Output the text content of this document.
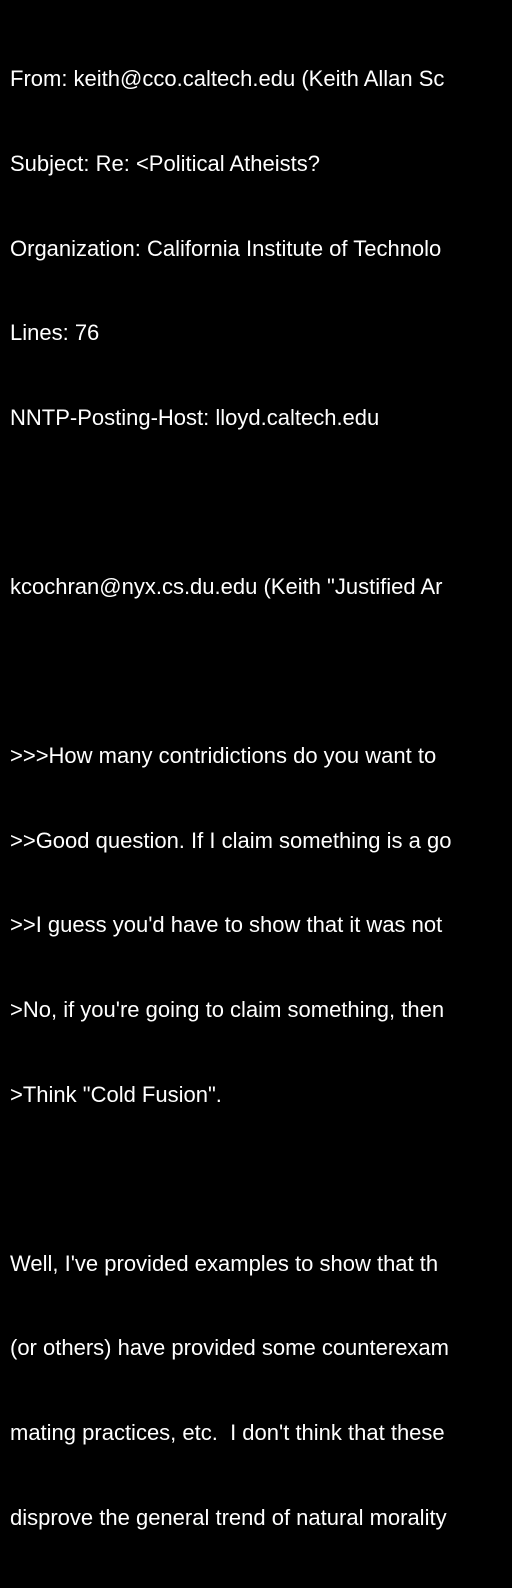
From: keith@cco.caltech.edu (Keith Allan Sc

Subject: Re: <Political Atheists?

Organization: California Institute of Technolo

Lines: 76

NNTP-Posting-Host: lloyd.caltech.edu

kcochran@nyx.cs.du.edu (Keith "Justified Ar

>>>How many contridictions do you want to

>>Good question. If I claim something is a go

>>I guess you'd have to show that it was not

>No, if you're going to claim something, then

>Think "Cold Fusion".

Well, I've provided examples to show that th

(or others) have provided some counterexam

mating practices, etc.  I don't think that these

disprove the general trend of natural morality
